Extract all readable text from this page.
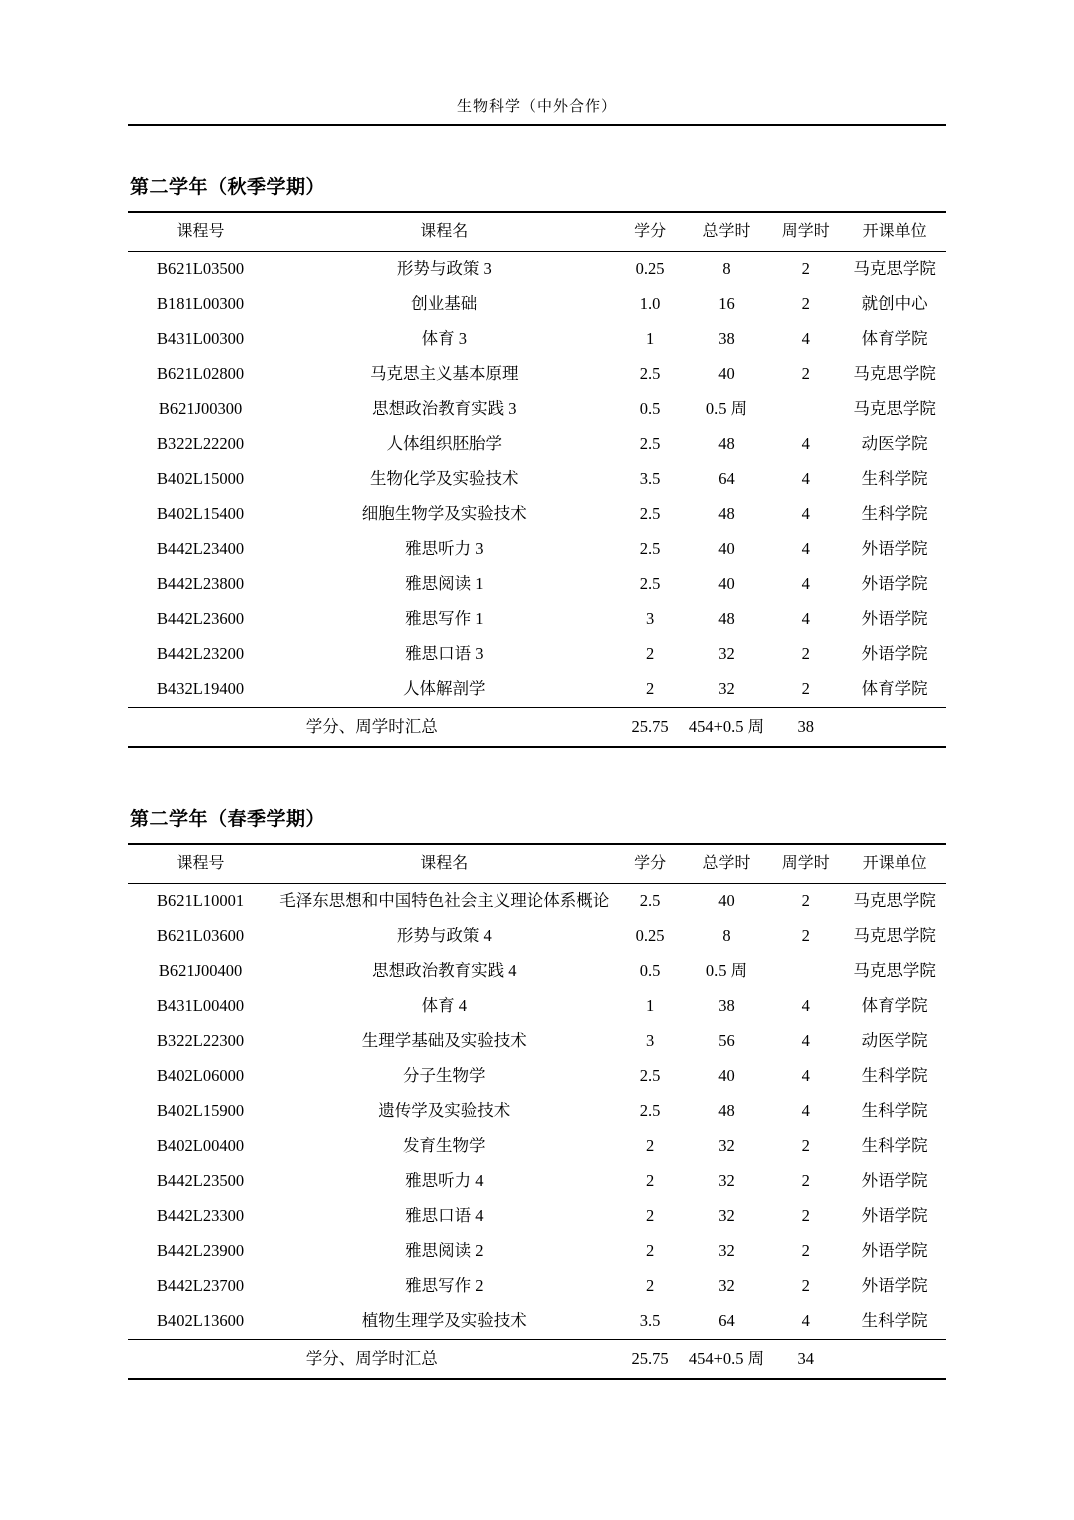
生物科学（中外合作）
第二学年（秋季学期）
课程号	课程名	学分	总学时	周学时	开课单位
B621L03500	形势与政策 3	0.25	8	2	马克思学院
B181L00300	创业基础	1.0	16	2	就创中心
B431L00300	体育 3	1	38	4	体育学院
B621L02800	马克思主义基本原理	2.5	40	2	马克思学院
B621J00300	思想政治教育实践 3	0.5	0.5 周		马克思学院
B322L22200	人体组织胚胎学	2.5	48	4	动医学院
B402L15000	生物化学及实验技术	3.5	64	4	生科学院
B402L15400	细胞生物学及实验技术	2.5	48	4	生科学院
B442L23400	雅思听力 3	2.5	40	4	外语学院
B442L23800	雅思阅读 1	2.5	40	4	外语学院
B442L23600	雅思写作 1	3	48	4	外语学院
B442L23200	雅思口语 3	2	32	2	外语学院
B432L19400	人体解剖学	2	32	2	体育学院
学分、周学时汇总		25.75	454+0.5 周	38	
第二学年（春季学期）
课程号	课程名	学分	总学时	周学时	开课单位
B621L10001	毛泽东思想和中国特色社会主义理论体系概论	2.5	40	2	马克思学院
B621L03600	形势与政策 4	0.25	8	2	马克思学院
B621J00400	思想政治教育实践 4	0.5	0.5 周		马克思学院
B431L00400	体育 4	1	38	4	体育学院
B322L22300	生理学基础及实验技术	3	56	4	动医学院
B402L06000	分子生物学	2.5	40	4	生科学院
B402L15900	遗传学及实验技术	2.5	48	4	生科学院
B402L00400	发育生物学	2	32	2	生科学院
B442L23500	雅思听力 4	2	32	2	外语学院
B442L23300	雅思口语 4	2	32	2	外语学院
B442L23900	雅思阅读 2	2	32	2	外语学院
B442L23700	雅思写作 2	2	32	2	外语学院
B402L13600	植物生理学及实验技术	3.5	64	4	生科学院
学分、周学时汇总		25.75	454+0.5 周	34	
